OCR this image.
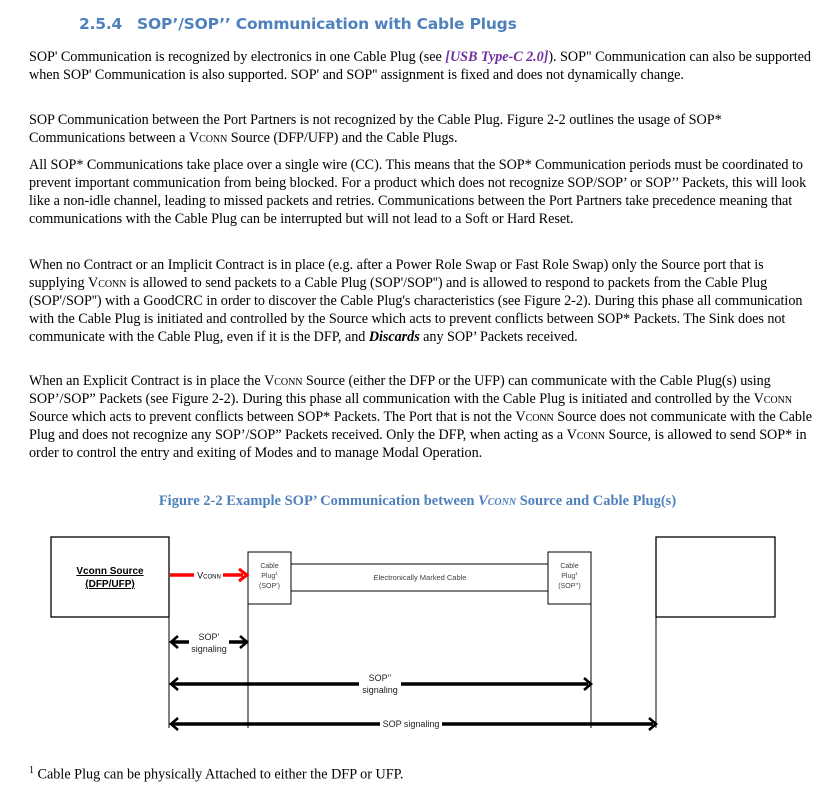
2.5.4 SOP’/SOP’’ Communication with Cable Plugs

SOP' Communication is recognized by electronics in one Cable Plug (see [USB Type-C 2.0]). SOP" Communication can also be supported when SOP' Communication is also supported. SOP' and SOP'' assignment is fixed and does not dynamically change.

SOP Communication between the Port Partners is not recognized by the Cable Plug. Figure 2-2 outlines the usage of SOP* Communications between a Vconn Source (DFP/UFP) and the Cable Plugs.

All SOP* Communications take place over a single wire (CC). This means that the SOP* Communication periods must be coordinated to prevent important communication from being blocked. For a product which does not recognize SOP/SOP’ or SOP’’ Packets, this will look like a non-idle channel, leading to missed packets and retries. Communications between the Port Partners take precedence meaning that communications with the Cable Plug can be interrupted but will not lead to a Soft or Hard Reset.

When no Contract or an Implicit Contract is in place (e.g. after a Power Role Swap or Fast Role Swap) only the Source port that is supplying Vconn is allowed to send packets to a Cable Plug (SOP'/SOP'') and is allowed to respond to packets from the Cable Plug (SOP'/SOP'') with a GoodCRC in order to discover the Cable Plug's characteristics (see Figure 2-2). During this phase all communication with the Cable Plug is initiated and controlled by the Source which acts to prevent conflicts between SOP* Packets. The Sink does not communicate with the Cable Plug, even if it is the DFP, and Discards any SOP’ Packets received.

When an Explicit Contract is in place the Vconn Source (either the DFP or the UFP) can communicate with the Cable Plug(s) using SOP’/SOP” Packets (see Figure 2-2). During this phase all communication with the Cable Plug is initiated and controlled by the Vconn Source which acts to prevent conflicts between SOP* Packets. The Port that is not the Vconn Source does not communicate with the Cable Plug and does not recognize any SOP’/SOP” Packets received. Only the DFP, when acting as a Vconn Source, is allowed to send SOP* in order to control the entry and exiting of Modes and to manage Modal Operation.

Figure 2-2 Example SOP’ Communication between Vconn Source and Cable Plug(s)
Vconn Source
(DFP/UFP)
Electronically Marked Cable
Cable
Plug$^1$
(SOP’)
Cable
Plug$^1$
(SOP’’)
Vconn
SOP’
signaling
SOP’’
signaling
SOP signaling
$^1$ Cable Plug can be physically Attached to either the DFP or UFP.
